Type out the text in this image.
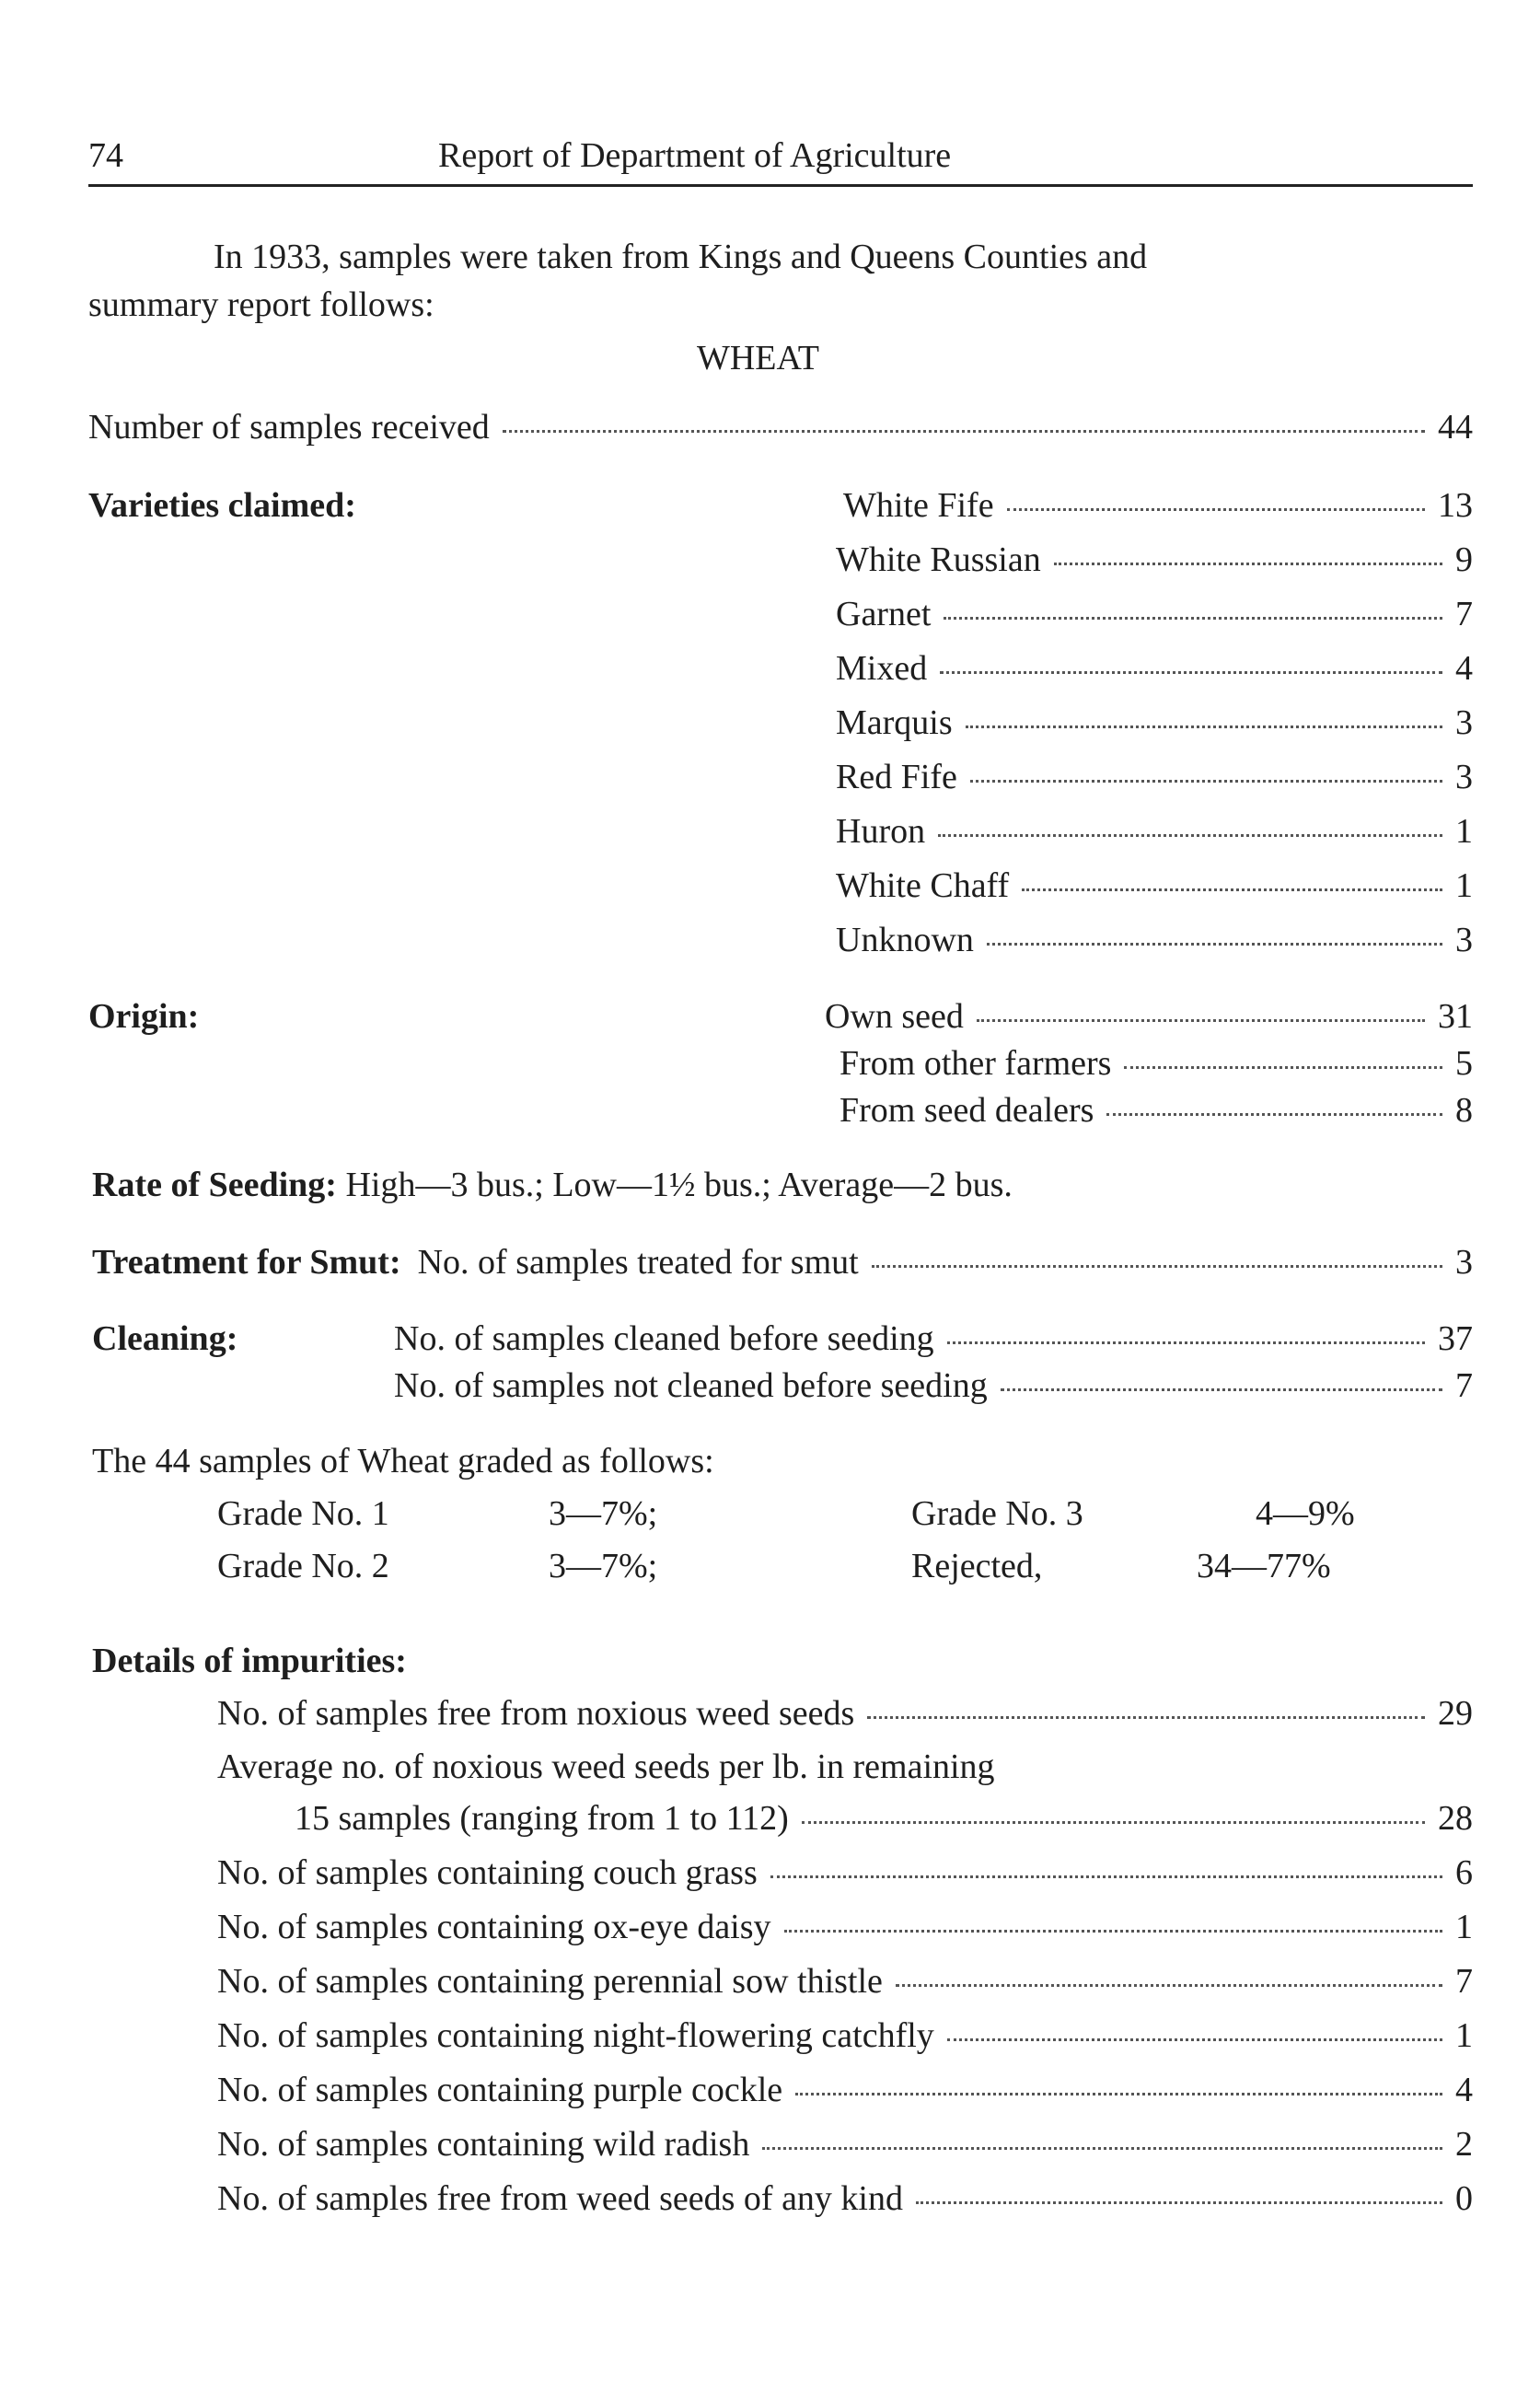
74	Report of Department of Agriculture
In 1933, samples were taken from Kings and Queens Counties and
summary report follows:
WHEAT
Number of samples received	44
Varieties claimed:	White Fife	13
White Russian	9
Garnet	7
Mixed	4
Marquis	3
Red Fife	3
Huron	1
White Chaff	1
Unknown	3
Origin:	Own seed	31
From other farmers	5
From seed dealers	8
Rate of Seeding: High—3 bus.; Low—1½ bus.; Average—2 bus.
Treatment for Smut: No. of samples treated for smut	3
Cleaning:	No. of samples cleaned before seeding	37
No. of samples not cleaned before seeding	7
The 44 samples of Wheat graded as follows:
Grade No. 1	3—7%;	Grade No. 3	4—9%
Grade No. 2	3—7%;	Rejected,	34—77%
Details of impurities:
No. of samples free from noxious weed seeds	29
Average no. of noxious weed seeds per lb. in remaining
15 samples (ranging from 1 to 112)	28
No. of samples containing couch grass	6
No. of samples containing ox-eye daisy	1
No. of samples containing perennial sow thistle	7
No. of samples containing night-flowering catchfly	1
No. of samples containing purple cockle	4
No. of samples containing wild radish	2
No. of samples free from weed seeds of any kind	0
